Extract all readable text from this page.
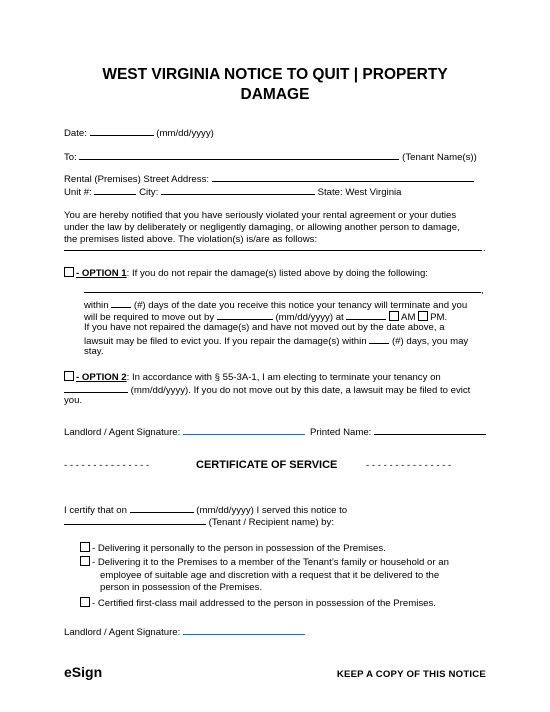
WEST VIRGINIA NOTICE TO QUIT | PROPERTY
DAMAGE
Date:	(mm/dd/yyyy)
To:	(Tenant Name(s))
Rental (Premises) Street Address:
Unit #:	City:	State: West Virginia
You are hereby notified that you have seriously violated your rental agreement or your duties
under the law by deliberately or negligently damaging, or allowing another person to damage,
the premises listed above. The violation(s) is/are as follows:
.
- OPTION 1: If you do not repair the damage(s) listed above by doing the following:
,
within	(#) days of the date you receive this notice your tenancy will terminate and you
will be required to move out by	(mm/dd/yyyy) at	AM PM.
If you have not repaired the damage(s) and have not moved out by the date above, a
lawsuit may be filed to evict you. If you repair the damage(s) within	(#) days, you may
stay.
- OPTION 2: In accordance with § 55-3A-1, I am electing to terminate your tenancy on
(mm/dd/yyyy). If you do not move out by this date, a lawsuit may be filed to evict
you.
Landlord / Agent Signature:	Printed Name:
- - - - - - - - - - - - - - -	CERTIFICATE OF SERVICE	- - - - - - - - - - - - - - -
I certify that on	(mm/dd/yyyy) I served this notice to
(Tenant / Recipient name) by:
- Delivering it personally to the person in possession of the Premises.
- Delivering it to the Premises to a member of the Tenant’s family or household or an
employee of suitable age and discretion with a request that it be delivered to the
person in possession of the Premises.
- Certified first-class mail addressed to the person in possession of the Premises.
Landlord / Agent Signature:
eSign	KEEP A COPY OF THIS NOTICE
